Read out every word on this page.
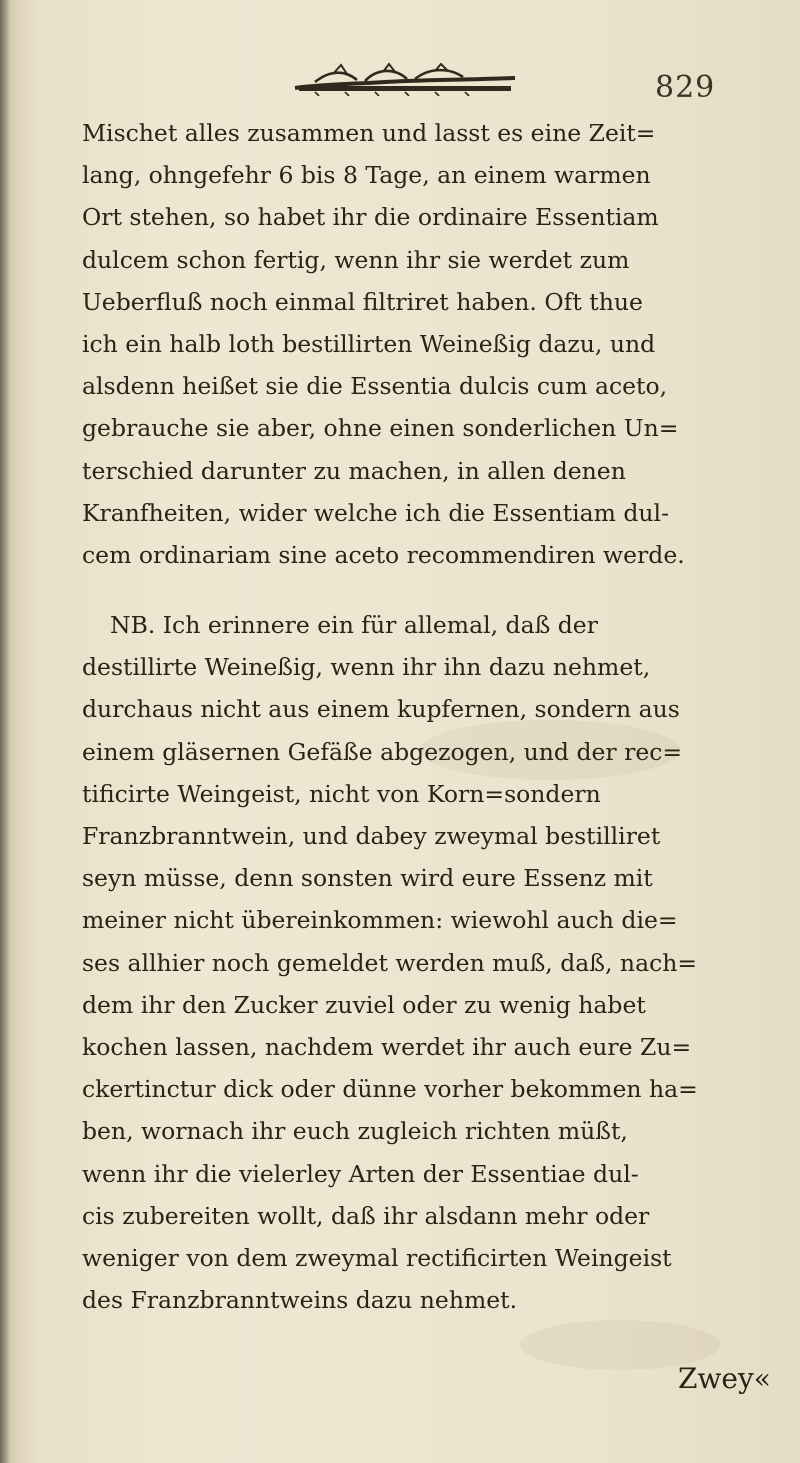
829
Mischet alles zusammen und lasst es eine Zeit=
lang, ohngefehr 6 bis 8 Tage, an einem warmen
Ort stehen, so habet ihr die ordinaire Essentiam
dulcem schon fertig, wenn ihr sie werdet zum
Ueberfluß noch einmal filtriret haben. Oft thue
ich ein halb loth bestillirten Weineßig dazu, und
alsdenn heißet sie die Essentia dulcis cum aceto,
gebrauche sie aber, ohne einen sonderlichen Un=
terschied darunter zu machen, in allen denen
Kranfheiten, wider welche ich die Essentiam dul-
cem ordinariam sine aceto recommendiren werde.
NB. Ich erinnere ein für allemal, daß der
destillirte Weineßig, wenn ihr ihn dazu nehmet,
durchaus nicht aus einem kupfernen, sondern aus
einem gläsernen Gefäße abgezogen, und der rec=
tificirte Weingeist, nicht von Korn=sondern
Franzbranntwein, und dabey zweymal bestilliret
seyn müsse, denn sonsten wird eure Essenz mit
meiner nicht übereinkommen: wiewohl auch die=
ses allhier noch gemeldet werden muß, daß, nach=
dem ihr den Zucker zuviel oder zu wenig habet
kochen lassen, nachdem werdet ihr auch eure Zu=
ckertinctur dick oder dünne vorher bekommen ha=
ben, wornach ihr euch zugleich richten müßt,
wenn ihr die vielerley Arten der Essentiae dul-
cis zubereiten wollt, daß ihr alsdann mehr oder
weniger von dem zweymal rectificirten Weingeist
des Franzbranntweins dazu nehmet.
Zwey«
